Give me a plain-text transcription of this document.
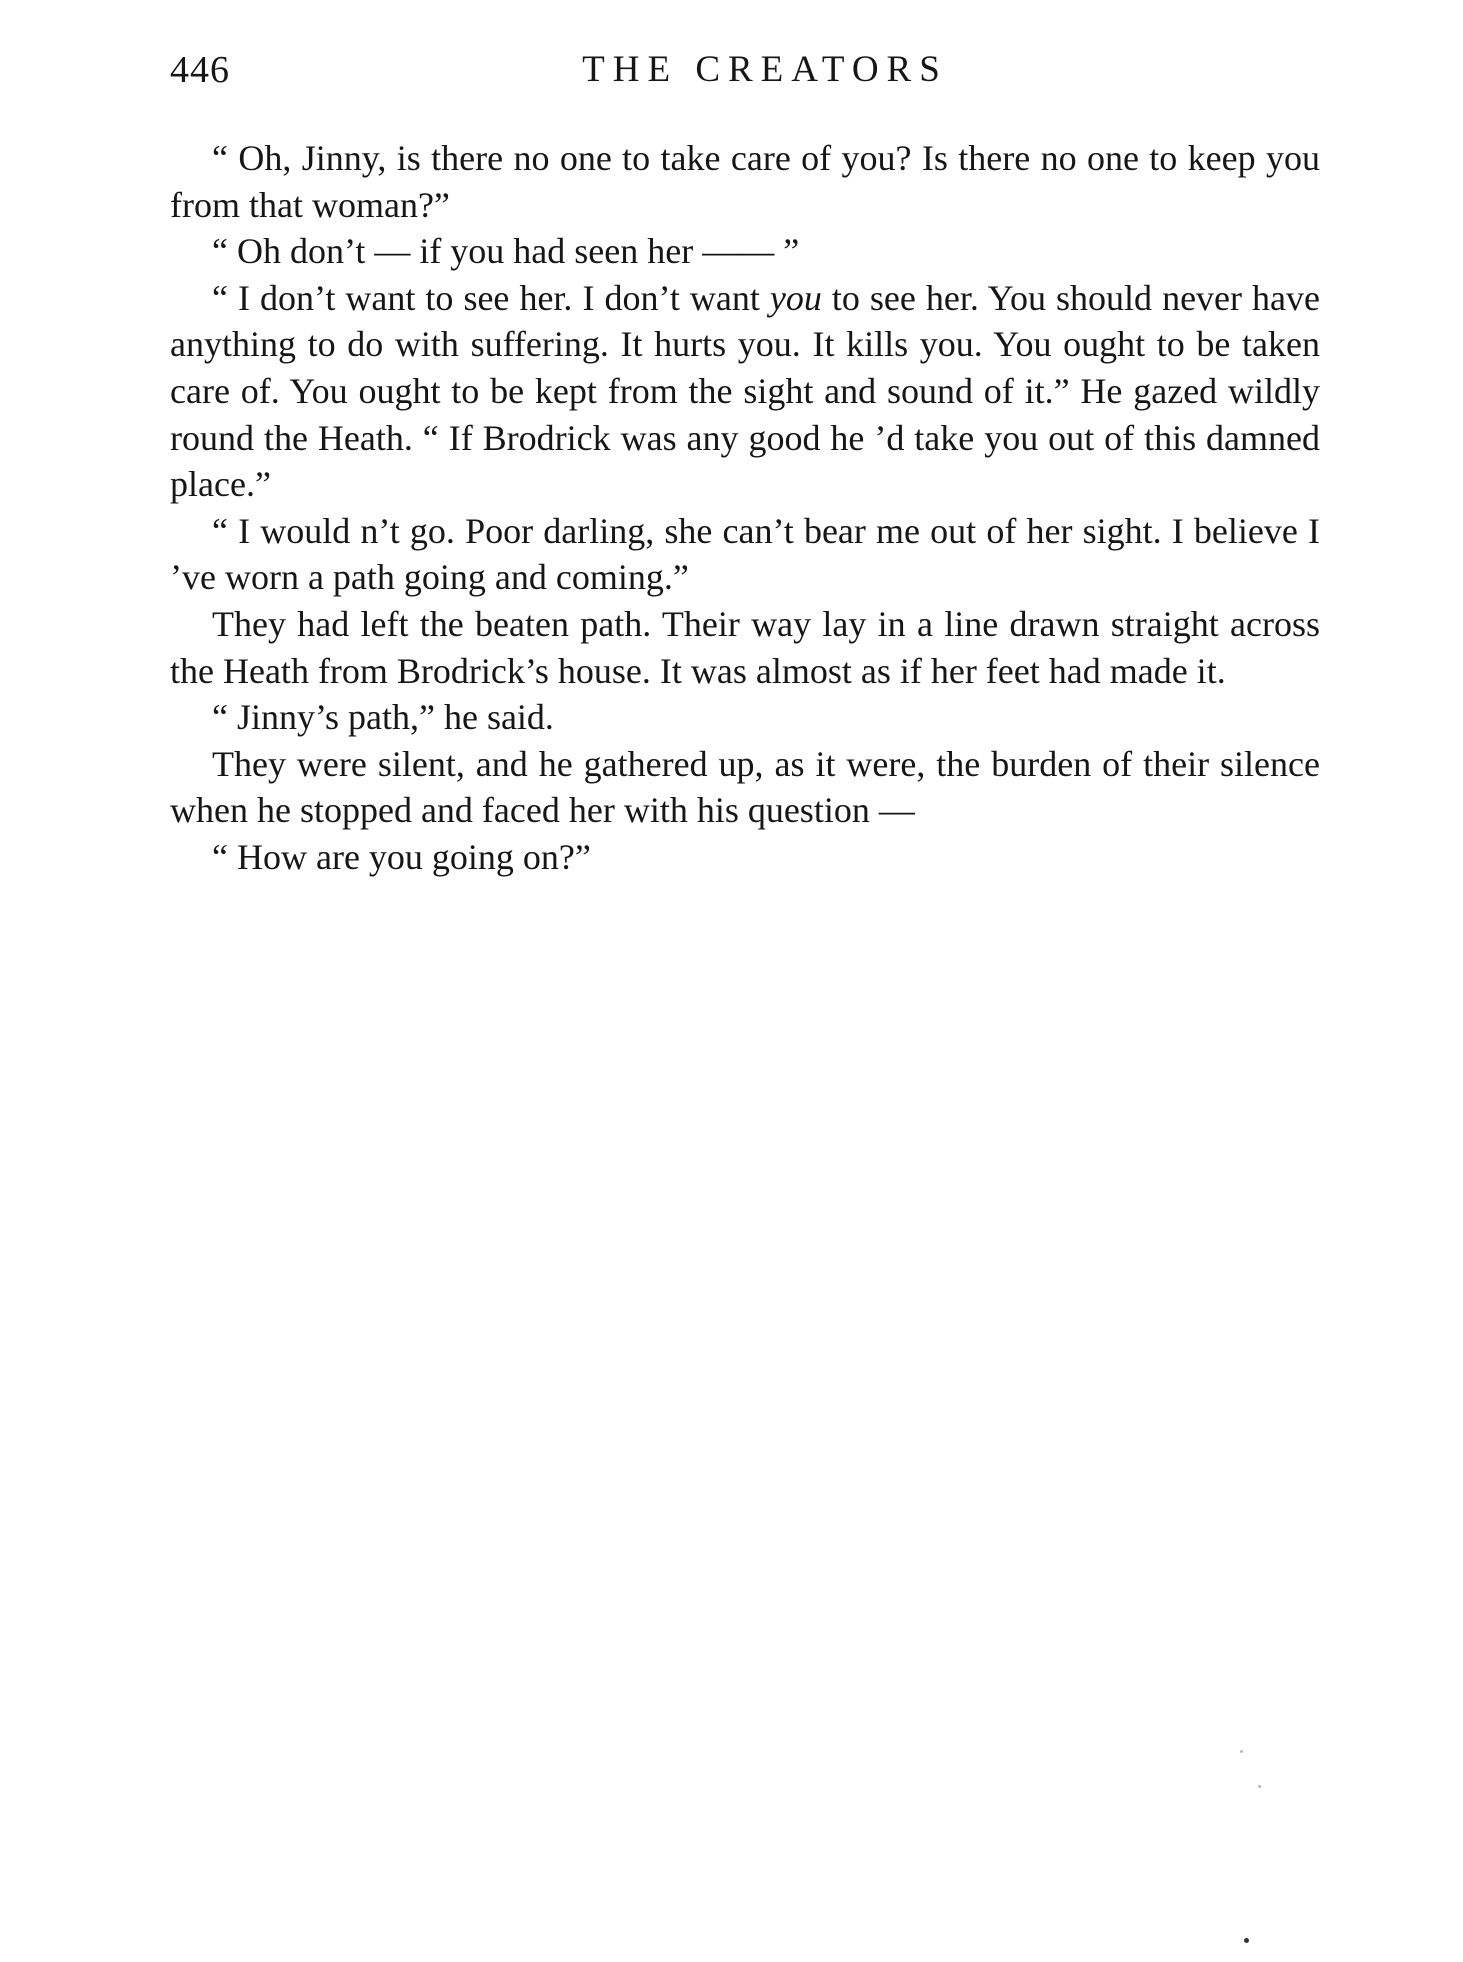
446	THE CREATORS

“ Oh, Jinny, is there no one to take care of you? Is there no one to keep you from that woman?”

“ Oh don’t — if you had seen her —— ”

“ I don’t want to see her. I don’t want you to see her. You should never have anything to do with suffering. It hurts you. It kills you. You ought to be taken care of. You ought to be kept from the sight and sound of it.” He gazed wildly round the Heath. “ If Brodrick was any good he ’d take you out of this damned place.”

“ I would n’t go. Poor darling, she can’t bear me out of her sight. I believe I ’ve worn a path going and coming.”

They had left the beaten path. Their way lay in a line drawn straight across the Heath from Brodrick’s house. It was almost as if her feet had made it.

“ Jinny’s path,” he said.

They were silent, and he gathered up, as it were, the burden of their silence when he stopped and faced her with his question —

“ How are you going on?”
